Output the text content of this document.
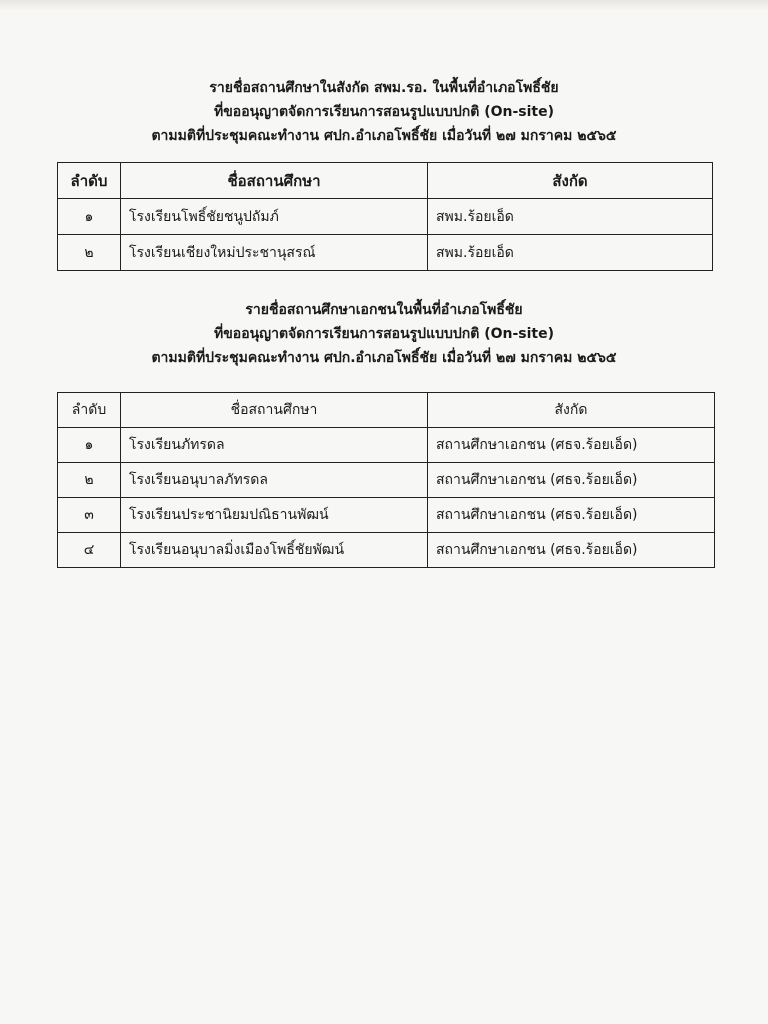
รายชื่อสถานศึกษาในสังกัด สพม.รอ. ในพื้นที่อำเภอโพธิ์ชัย
ที่ขออนุญาตจัดการเรียนการสอนรูปแบบปกติ (On-site)
ตามมติที่ประชุมคณะทำงาน ศปก.อำเภอโพธิ์ชัย เมื่อวันที่ ๒๗ มกราคม ๒๕๖๕
ลำดับ	ชื่อสถานศึกษา	สังกัด
๑	โรงเรียนโพธิ์ชัยชนูปถัมภ์	สพม.ร้อยเอ็ด
๒	โรงเรียนเชียงใหม่ประชานุสรณ์	สพม.ร้อยเอ็ด
รายชื่อสถานศึกษาเอกชนในพื้นที่อำเภอโพธิ์ชัย
ที่ขออนุญาตจัดการเรียนการสอนรูปแบบปกติ (On-site)
ตามมติที่ประชุมคณะทำงาน ศปก.อำเภอโพธิ์ชัย เมื่อวันที่ ๒๗ มกราคม ๒๕๖๕
ลำดับ	ชื่อสถานศึกษา	สังกัด
๑	โรงเรียนภัทรดล	สถานศึกษาเอกชน (ศธจ.ร้อยเอ็ด)
๒	โรงเรียนอนุบาลภัทรดล	สถานศึกษาเอกชน (ศธจ.ร้อยเอ็ด)
๓	โรงเรียนประชานิยมปณิธานพัฒน์	สถานศึกษาเอกชน (ศธจ.ร้อยเอ็ด)
๔	โรงเรียนอนุบาลมิ่งเมืองโพธิ์ชัยพัฒน์	สถานศึกษาเอกชน (ศธจ.ร้อยเอ็ด)
